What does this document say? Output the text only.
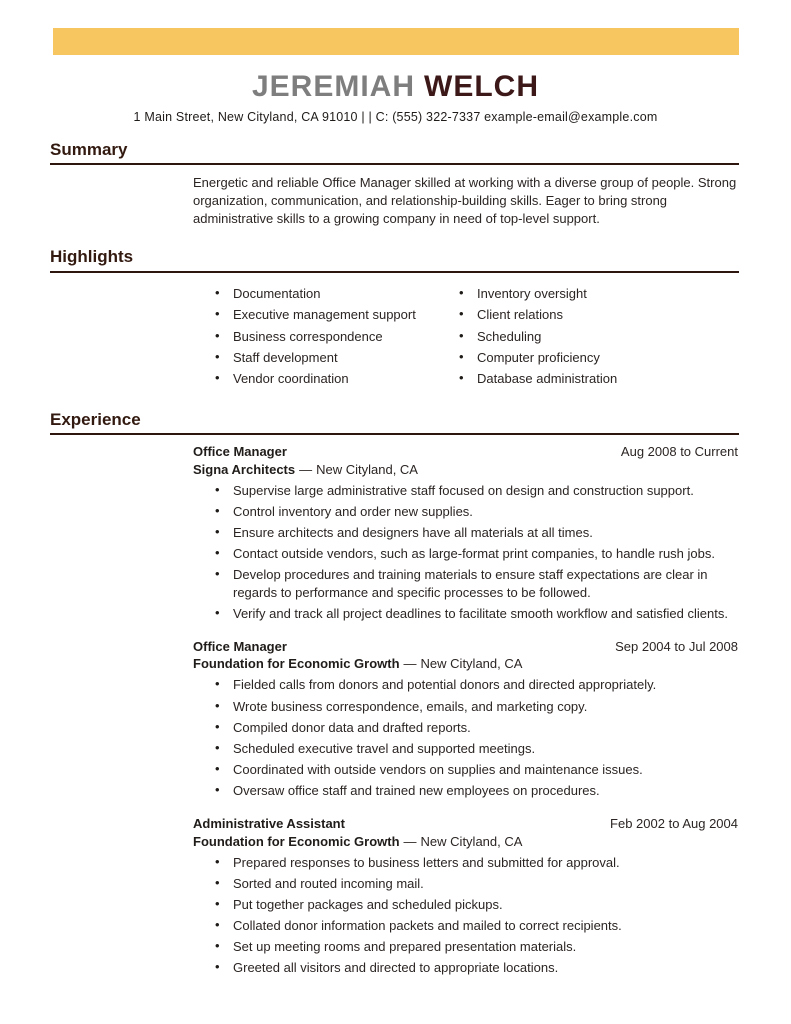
JEREMIAH WELCH
1 Main Street, New Cityland, CA 91010 | | C: (555) 322-7337 example-email@example.com
Summary

Energetic and reliable Office Manager skilled at working with a diverse group of people. Strong organization, communication, and relationship-building skills. Eager to bring strong administrative skills to a growing company in need of top-level support.

Highlights
• Documentation
• Executive management support
• Business correspondence
• Staff development
• Vendor coordination
• Inventory oversight
• Client relations
• Scheduling
• Computer proficiency
• Database administration
Experience
Office Manager	Aug 2008 to Current
Signa Architects — New Cityland, CA
• Supervise large administrative staff focused on design and construction support.
• Control inventory and order new supplies.
• Ensure architects and designers have all materials at all times.
• Contact outside vendors, such as large-format print companies, to handle rush jobs.
• Develop procedures and training materials to ensure staff expectations are clear in regards to performance and specific processes to be followed.
• Verify and track all project deadlines to facilitate smooth workflow and satisfied clients.
Office Manager	Sep 2004 to Jul 2008
Foundation for Economic Growth — New Cityland, CA
• Fielded calls from donors and potential donors and directed appropriately.
• Wrote business correspondence, emails, and marketing copy.
• Compiled donor data and drafted reports.
• Scheduled executive travel and supported meetings.
• Coordinated with outside vendors on supplies and maintenance issues.
• Oversaw office staff and trained new employees on procedures.
Administrative Assistant	Feb 2002 to Aug 2004
Foundation for Economic Growth — New Cityland, CA
• Prepared responses to business letters and submitted for approval.
• Sorted and routed incoming mail.
• Put together packages and scheduled pickups.
• Collated donor information packets and mailed to correct recipients.
• Set up meeting rooms and prepared presentation materials.
• Greeted all visitors and directed to appropriate locations.
